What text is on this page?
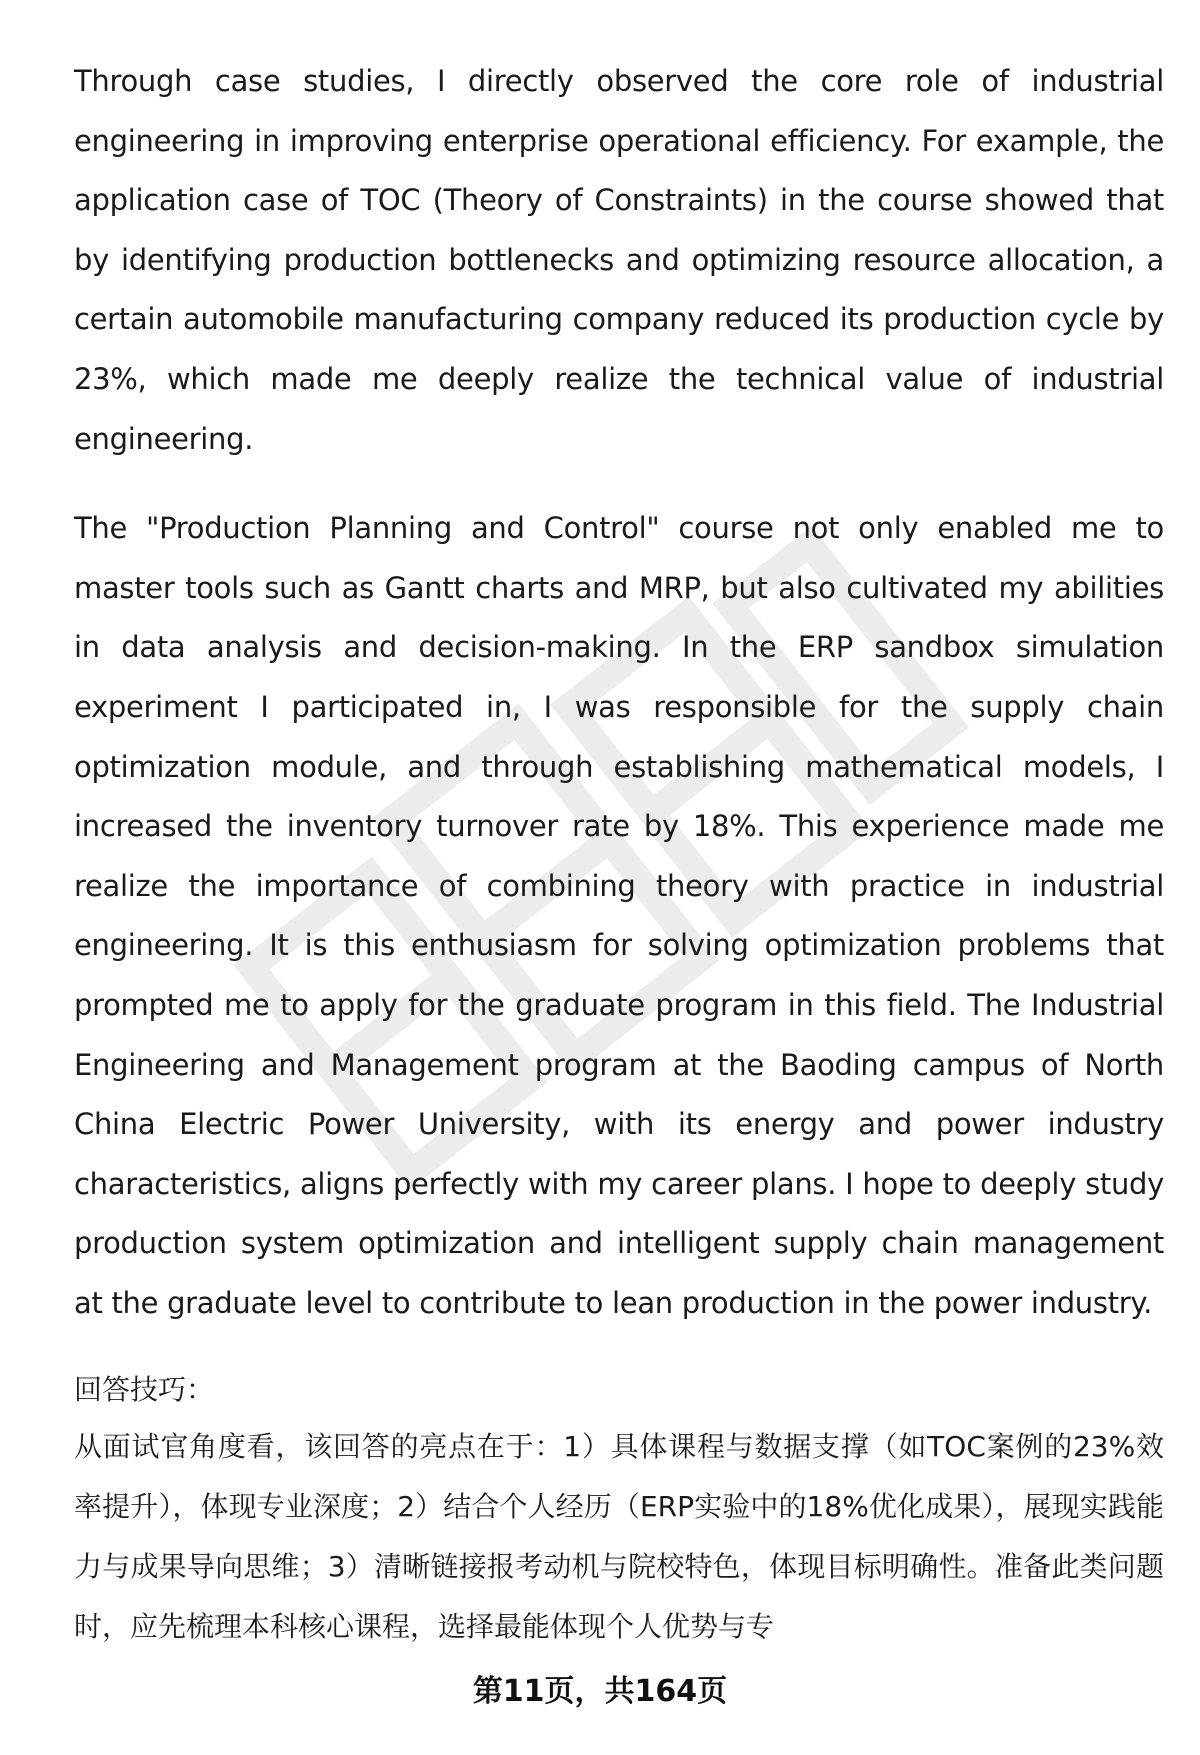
Through case studies, I directly observed the core role of industrial engineering in improving enterprise operational efficiency. For example, the application case of TOC (Theory of Constraints) in the course showed that by identifying production bottlenecks and optimizing resource allocation, a certain automobile manufacturing company reduced its production cycle by 23%, which made me deeply realize the technical value of industrial engineering.

The "Production Planning and Control" course not only enabled me to master tools such as Gantt charts and MRP, but also cultivated my abilities in data analysis and decision-making. In the ERP sandbox simulation experiment I participated in, I was responsible for the supply chain optimization module, and through establishing mathematical models, I increased the inventory turnover rate by 18%. This experience made me realize the importance of combining theory with practice in industrial engineering. It is this enthusiasm for solving optimization problems that prompted me to apply for the graduate program in this field. The Industrial Engineering and Management program at the Baoding campus of North China Electric Power University, with its energy and power industry characteristics, aligns perfectly with my career plans. I hope to deeply study production system optimization and intelligent supply chain management at the graduate level to contribute to lean production in the power industry.

回答技巧：

从面试官角度看，该回答的亮点在于：1）具体课程与数据支撑（如TOC案例的23%效率提升），体现专业深度；2）结合个人经历（ERP实验中的18%优化成果），展现实践能力与成果导向思维；3）清晰链接报考动机与院校特色，体现目标明确性。准备此类问题时，应先梳理本科核心课程，选择最能体现个人优势与专

第11页，共164页
